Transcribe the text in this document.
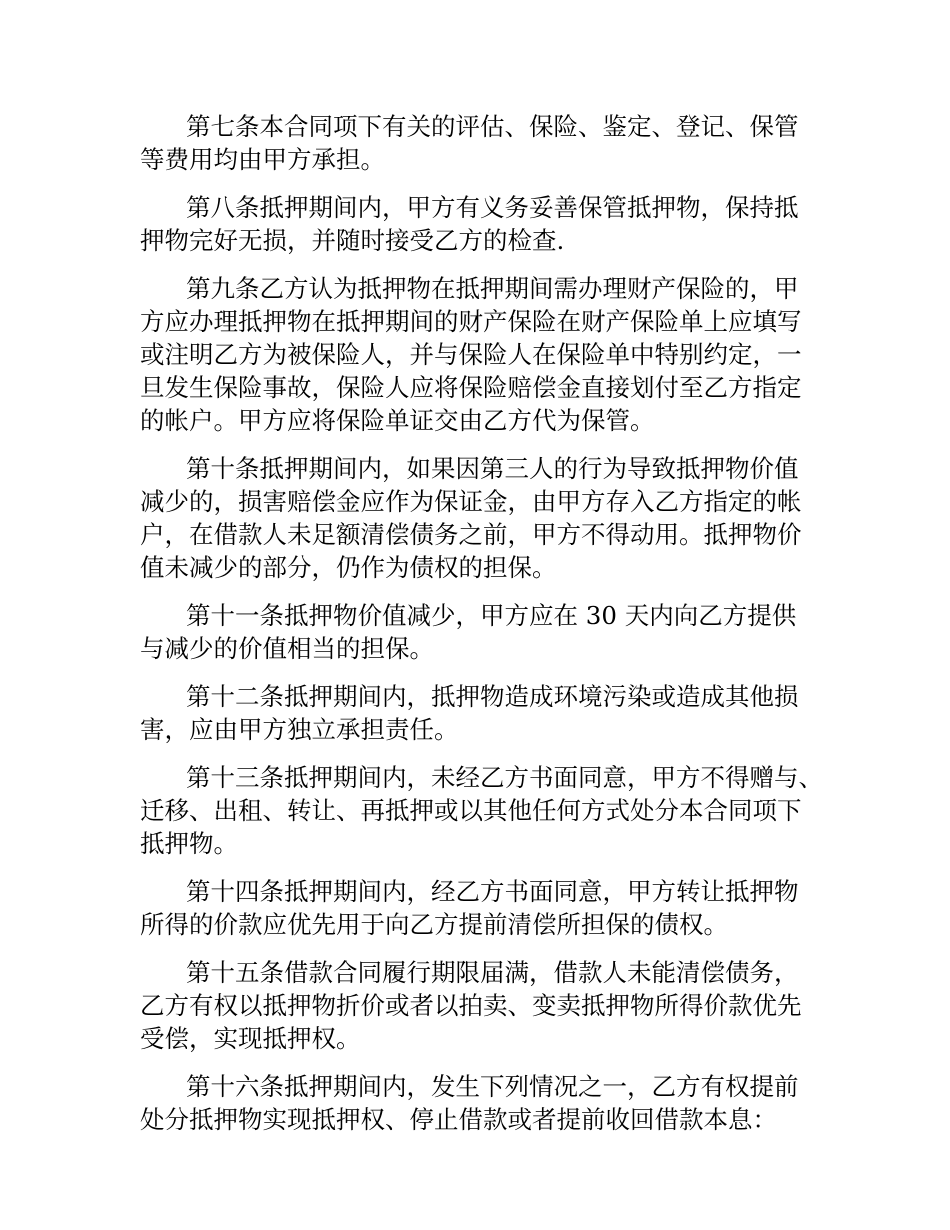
第七条本合同项下有关的评估、保险、鉴定、登记、保管
等费用均由甲方承担。
第八条抵押期间内，甲方有义务妥善保管抵押物，保持抵
押物完好无损，并随时接受乙方的检查.
第九条乙方认为抵押物在抵押期间需办理财产保险的，甲
方应办理抵押物在抵押期间的财产保险在财产保险单上应填写
或注明乙方为被保险人，并与保险人在保险单中特别约定，一
旦发生保险事故，保险人应将保险赔偿金直接划付至乙方指定
的帐户。甲方应将保险单证交由乙方代为保管。
第十条抵押期间内，如果因第三人的行为导致抵押物价值
减少的，损害赔偿金应作为保证金，由甲方存入乙方指定的帐
户，在借款人未足额清偿债务之前，甲方不得动用。抵押物价
值未减少的部分，仍作为债权的担保。
第十一条抵押物价值减少，甲方应在 30 天内向乙方提供
与减少的价值相当的担保。
第十二条抵押期间内，抵押物造成环境污染或造成其他损
害，应由甲方独立承担责任。
第十三条抵押期间内，未经乙方书面同意，甲方不得赠与、
迁移、出租、转让、再抵押或以其他任何方式处分本合同项下
抵押物。
第十四条抵押期间内，经乙方书面同意，甲方转让抵押物
所得的价款应优先用于向乙方提前清偿所担保的债权。
第十五条借款合同履行期限届满，借款人未能清偿债务，
乙方有权以抵押物折价或者以拍卖、变卖抵押物所得价款优先
受偿，实现抵押权。
第十六条抵押期间内，发生下列情况之一，乙方有权提前
处分抵押物实现抵押权、停止借款或者提前收回借款本息：
